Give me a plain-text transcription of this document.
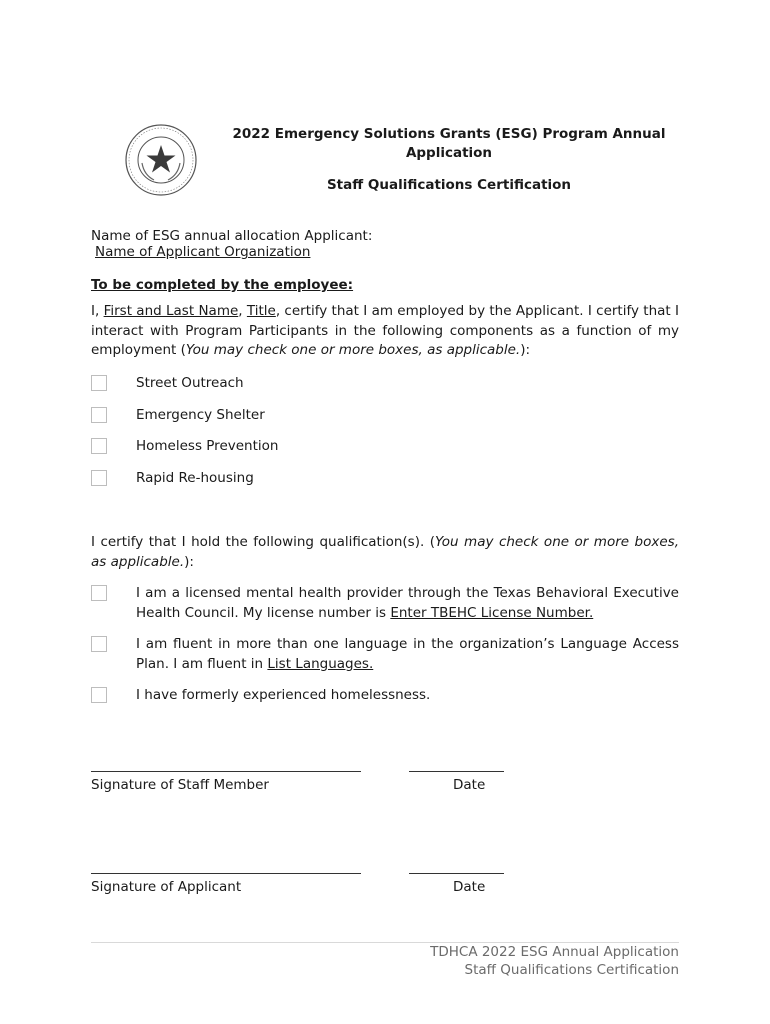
2022 Emergency Solutions Grants (ESG) Program Annual
Application
Staff Qualifications Certification
Name of ESG annual allocation Applicant:
Name of Applicant Organization
To be completed by the employee:
I, First and Last Name, Title, certify that I am employed by the Applicant. I certify that I interact with Program Participants in the following components as a function of my employment (You may check one or more boxes, as applicable.):
Street Outreach
Emergency Shelter
Homeless Prevention
Rapid Re-housing
I certify that I hold the following qualification(s). (You may check one or more boxes, as applicable.):
I am a licensed mental health provider through the Texas Behavioral Executive Health Council. My license number is Enter TBEHC License Number.
I am fluent in more than one language in the organization’s Language Access Plan. I am fluent in List Languages.
I have formerly experienced homelessness.
Signature of Staff Member	Date
Signature of Applicant	Date
TDHCA 2022 ESG Annual Application
Staff Qualifications Certification
